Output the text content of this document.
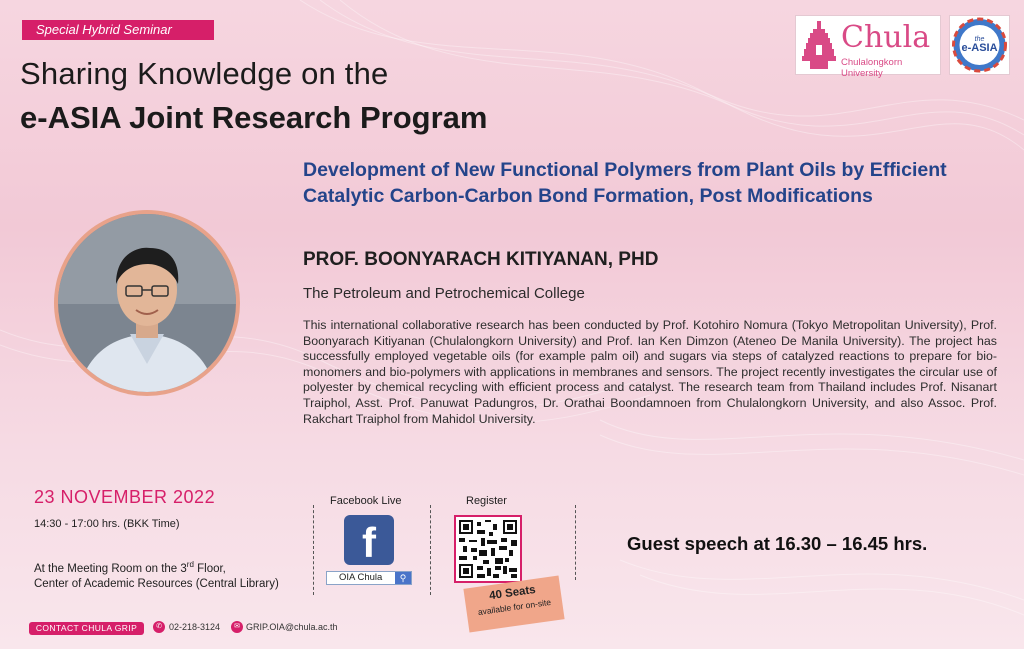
Special Hybrid Seminar
Sharing Knowledge on the
e-ASIA Joint Research Program
Chula
Chulalongkorn University
the
e-ASIA
Development of New Functional Polymers from Plant Oils by Efficient Catalytic Carbon-Carbon Bond Formation, Post Modifications
PROF. BOONYARACH KITIYANAN, PHD
The Petroleum and Petrochemical College
This international collaborative research has been conducted by Prof. Kotohiro Nomura (Tokyo Metropolitan University), Prof. Boonyarach Kitiyanan (Chulalongkorn University) and Prof. Ian Ken Dimzon (Ateneo De Manila University). The project has successfully employed vegetable oils (for example palm oil) and sugars via steps of catalyzed reactions to prepare for bio-monomers and bio-polymers with applications in membranes and sensors. The project recently investigates the circular use of polyester by chemical recycling with efficient process and catalyst. The research team from Thailand includes Prof. Nisanart Traiphol, Asst. Prof. Panuwat Padungros, Dr. Orathai Boondamnoen from Chulalongkorn University, and also Assoc. Prof. Rakchart Traiphol from Mahidol University.
23 NOVEMBER 2022
14:30 - 17:00 hrs. (BKK Time)
At the Meeting Room on the 3rd Floor,
Center of Academic Resources (Central Library)
Facebook Live
f
OIA Chula	⚲
Register
40 Seats
available for on-site
Guest speech at 16.30 – 16.45 hrs.
CONTACT CHULA GRIP	✆ 02-218-3124	✉ GRIP.OIA@chula.ac.th
